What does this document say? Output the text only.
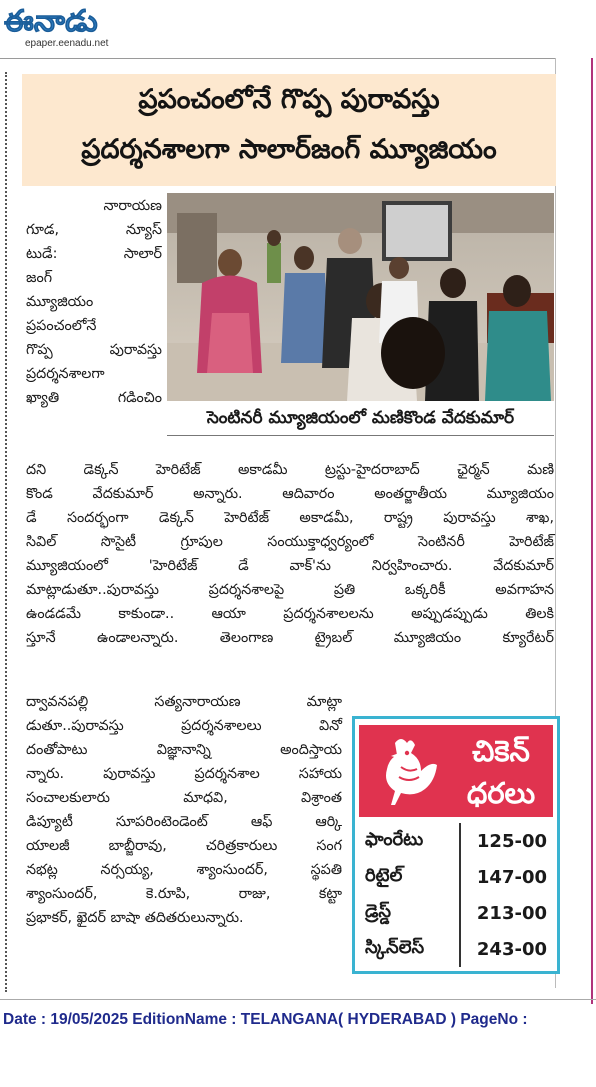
ఈనాడు
epaper.eenadu.net
ప్రపంచంలోనే గొప్ప పురావస్తు
ప్రదర్శనశాలగా సాలార్‌జంగ్ మ్యూజియం
నారాయణ
గూడ, న్యూస్
టుడే: సాలార్
జంగ్
మ్యూజియం
ప్రపంచంలోనే
గొప్ప పురావస్తు
ప్రదర్శనశాలగా
ఖ్యాతి గడించిం
సెంటినరీ మ్యూజియంలో మణికొండ వేదకుమార్
దని డెక్కన్ హెరిటేజ్ అకాడమీ ట్రస్టు-హైదరాబాద్ ఛైర్మన్ మణి
కొండ వేదకుమార్ అన్నారు. ఆదివారం అంతర్జాతీయ మ్యూజియం
డే సందర్భంగా డెక్కన్ హెరిటేజ్ అకాడమీ, రాష్ట్ర పురావస్తు శాఖ,
సివిల్ సొసైటీ గ్రూపుల సంయుక్తాధ్వర్యంలో సెంటినరీ హెరిటేజ్
మ్యూజియంలో 'హెరిటేజ్ డే వాక్'ను నిర్వహించారు. వేదకుమార్
మాట్లాడుతూ..పురావస్తు ప్రదర్శనశాలపై ప్రతి ఒక్కరికీ అవగాహన
ఉండడమే కాకుండా.. ఆయా ప్రదర్శనశాలలను అప్పుడప్పుడు తిలకి
స్తూనే ఉండాలన్నారు. తెలంగాణ ట్రైబల్ మ్యూజియం క్యూరేటర్
ద్వావనపల్లి సత్యనారాయణ మాట్లా
డుతూ..పురావస్తు ప్రదర్శనశాలలు వినో
దంతోపాటు విజ్ఞానాన్ని అందిస్తాయ
న్నారు. పురావస్తు ప్రదర్శనశాల సహాయ
సంచాలకులారు మాధవి, విశ్రాంత
డిప్యూటీ సూపరింటెండెంట్ ఆఫ్ ఆర్కి
యాలజీ బాబ్జీరావు, చరిత్రకారులు సంగ
నభట్ల నర్సయ్య, శ్యాంసుందర్, స్థపతి
శ్యాంసుందర్, కె.రూపి, రాజు, కట్టా
ప్రభాకర్, ఖైదర్ బాషా తదితరులున్నారు.
చికెన్
ధరలు
ఫాంరేటు	125-00
రిటైల్	147-00
డ్రెస్డ్	213-00
స్కిన్‌లెస్	243-00
Date : 19/05/2025 EditionName : TELANGANA( HYDERABAD ) PageNo :
